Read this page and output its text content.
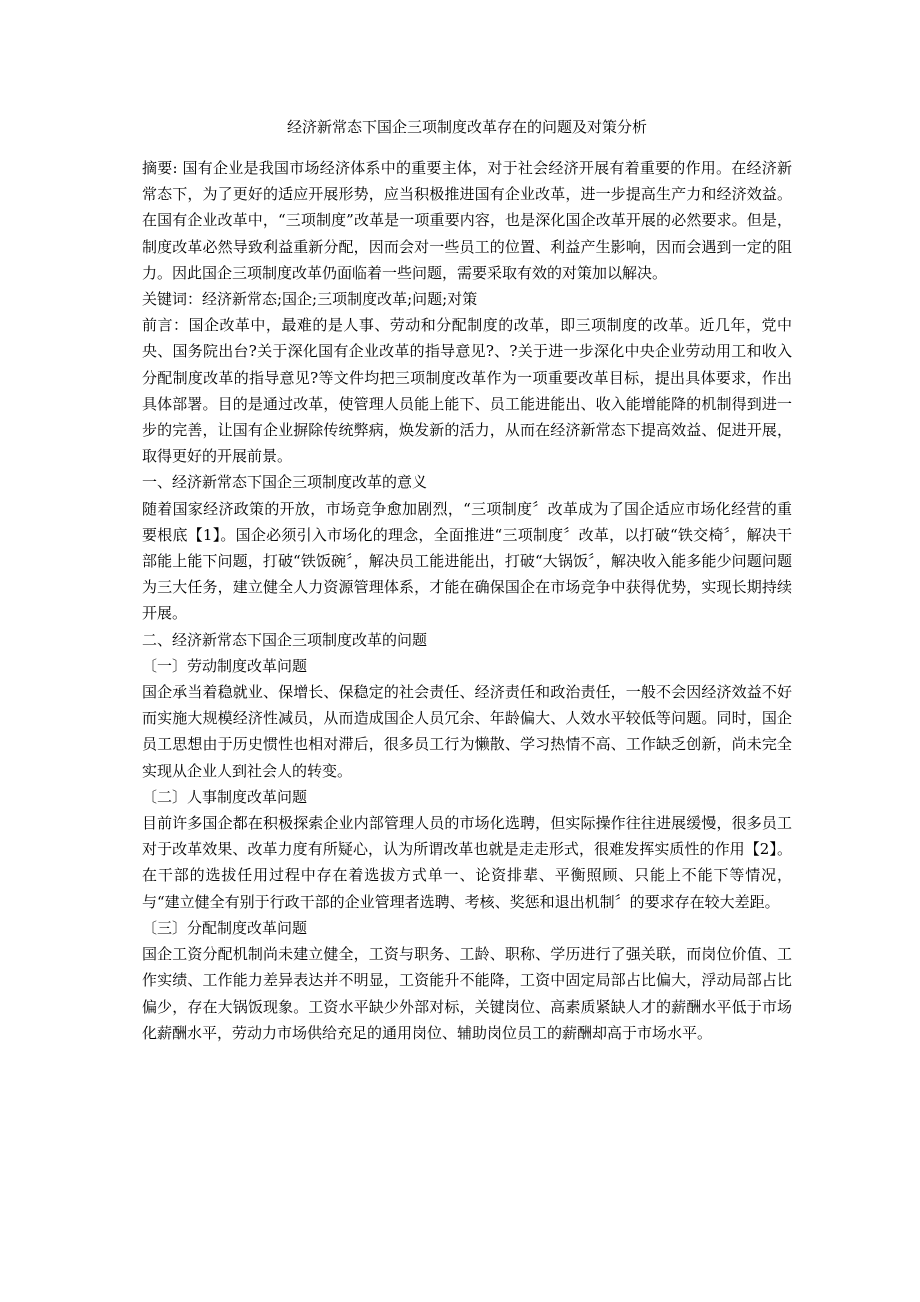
经济新常态下国企三项制度改革存在的问题及对策分析

摘要: 国有企业是我国市场经济体系中的重要主体，对于社会经济开展有着重要的作用。在经济新常态下，为了更好的适应开展形势，应当积极推进国有企业改革，进一步提高生产力和经济效益。在国有企业改革中，“三项制度”改革是一项重要内容，也是深化国企改革开展的必然要求。但是，制度改革必然导致利益重新分配，因而会对一些员工的位置、利益产生影响，因而会遇到一定的阻力。因此国企三项制度改革仍面临着一些问题，需要采取有效的对策加以解决。

关键词：经济新常态;国企;三项制度改革;问题;对策

前言：国企改革中，最难的是人事、劳动和分配制度的改革，即三项制度的改革。近几年，党中央、国务院出台?关于深化国有企业改革的指导意见?、?关于进一步深化中央企业劳动用工和收入分配制度改革的指导意见?等文件均把三项制度改革作为一项重要改革目标，提出具体要求，作出具体部署。目的是通过改革，使管理人员能上能下、员工能进能出、收入能增能降的机制得到进一步的完善，让国有企业摒除传统弊病，焕发新的活力，从而在经济新常态下提高效益、促进开展，取得更好的开展前景。

一、经济新常态下国企三项制度改革的意义

随着国家经济政策的开放，市场竞争愈加剧烈，“三项制度〞改革成为了国企适应市场化经营的重要根底【1】。国企必须引入市场化的理念，全面推进“三项制度〞改革，以打破“铁交椅〞，解决干部能上能下问题，打破“铁饭碗〞，解决员工能进能出，打破“大锅饭〞，解决收入能多能少问题问题为三大任务，建立健全人力资源管理体系，才能在确保国企在市场竞争中获得优势，实现长期持续开展。

二、经济新常态下国企三项制度改革的问题

〔一〕劳动制度改革问题

国企承当着稳就业、保增长、保稳定的社会责任、经济责任和政治责任，一般不会因经济效益不好而实施大规模经济性减员，从而造成国企人员冗余、年龄偏大、人效水平较低等问题。同时，国企员工思想由于历史惯性也相对滞后，很多员工行为懒散、学习热情不高、工作缺乏创新，尚未完全实现从企业人到社会人的转变。

〔二〕人事制度改革问题

目前许多国企都在积极探索企业内部管理人员的市场化选聘，但实际操作往往进展缓慢，很多员工对于改革效果、改革力度有所疑心，认为所谓改革也就是走走形式，很难发挥实质性的作用【2】。在干部的选拔任用过程中存在着选拔方式单一、论资排辈、平衡照顾、只能上不能下等情况，与“建立健全有别于行政干部的企业管理者选聘、考核、奖惩和退出机制〞的要求存在较大差距。

〔三〕分配制度改革问题

国企工资分配机制尚未建立健全，工资与职务、工龄、职称、学历进行了强关联，而岗位价值、工作实绩、工作能力差异表达并不明显，工资能升不能降，工资中固定局部占比偏大，浮动局部占比偏少，存在大锅饭现象。工资水平缺少外部对标，关键岗位、高素质紧缺人才的薪酬水平低于市场化薪酬水平，劳动力市场供给充足的通用岗位、辅助岗位员工的薪酬却高于市场水平。
